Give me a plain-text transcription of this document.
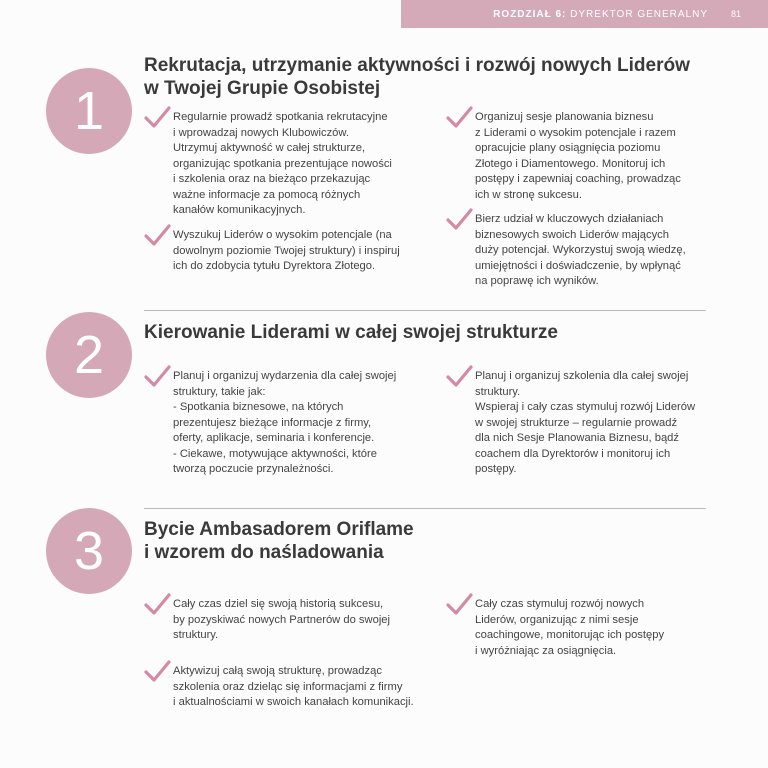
ROZDZIAŁ 6: DYREKTOR GENERALNY	81
1
Rekrutacja, utrzymanie aktywności i rozwój nowych Liderów
w Twojej Grupie Osobistej
Regularnie prowadź spotkania rekrutacyjne
i wprowadzaj nowych Klubowiczów.
Utrzymuj aktywność w całej strukturze,
organizując spotkania prezentujące nowości
i szkolenia oraz na bieżąco przekazując
ważne informacje za pomocą różnych
kanałów komunikacyjnych.
Wyszukuj Liderów o wysokim potencjale (na
dowolnym poziomie Twojej struktury) i inspiruj
ich do zdobycia tytułu Dyrektora Złotego.
Organizuj sesje planowania biznesu
z Liderami o wysokim potencjale i razem
opracujcie plany osiągnięcia poziomu
Złotego i Diamentowego. Monitoruj ich
postępy i zapewniaj coaching, prowadząc
ich w stronę sukcesu.
Bierz udział w kluczowych działaniach
biznesowych swoich Liderów mających
duży potencjał. Wykorzystuj swoją wiedzę,
umiejętności i doświadczenie, by wpłynąć
na poprawę ich wyników.
2	Kierowanie Liderami w całej swojej strukturze
Planuj i organizuj wydarzenia dla całej swojej
struktury, takie jak:
- Spotkania biznesowe, na których
prezentujesz bieżące informacje z firmy,
oferty, aplikacje, seminaria i konferencje.
- Ciekawe, motywujące aktywności, które
tworzą poczucie przynależności.
Planuj i organizuj szkolenia dla całej swojej
struktury.
Wspieraj i cały czas stymuluj rozwój Liderów
w swojej strukturze – regularnie prowadź
dla nich Sesje Planowania Biznesu, bądź
coachem dla Dyrektorów i monitoruj ich
postępy.
3	Bycie Ambasadorem Oriflame
i wzorem do naśladowania
Cały czas dziel się swoją historią sukcesu,
by pozyskiwać nowych Partnerów do swojej
struktury.
Aktywizuj całą swoją strukturę, prowadząc
szkolenia oraz dzieląc się informacjami z firmy
i aktualnościami w swoich kanałach komunikacji.
Cały czas stymuluj rozwój nowych
Liderów, organizując z nimi sesje
coachingowe, monitorując ich postępy
i wyróżniając za osiągnięcia.
